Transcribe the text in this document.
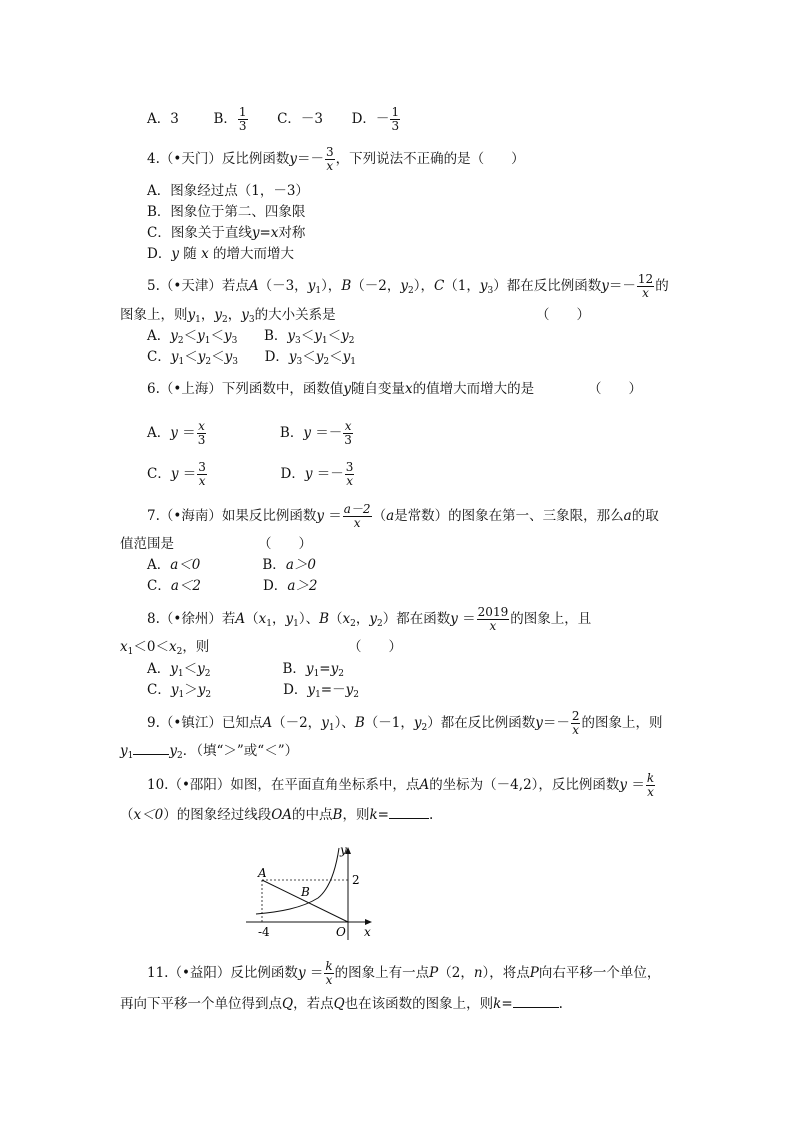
A．3	B． $\frac{1}{3}$ C．－3 D．－ $\frac{1}{3}$
4.（•天门）反比例函数$y=- \frac{3}{x}$ ，下列说法不正确的是（　　）
A．图象经过点（1，－3）
B．图象位于第二、四象限
C．图象关于直线y=x对称
D．y 随 x 的增大而增大
5.（•天津）若点A（－3，$y_1$），B（－2，$y_2$），C（1，$y_3$）都在反比例函数$y=- \frac{12}{x}$ 的
图象上，则$y_1$，$y_2$，$y_3$的大小关系是	（　　）
A．$y_2<y_1<y_3$ B．$y_3<y_1<y_2$
C．$y_1<y_2<y_3$ D．$y_3<y_2<y_1$
6.（•上海）下列函数中，函数值y随自变量x的值增大而增大的是	（　　）
A．$y = \frac{x}{3}$	B．$y =- \frac{x}{3}$
C．$y = \frac{3}{x}$	D．$y =- \frac{3}{x}$
7.（•海南）如果反比例函数$y = \frac{a-2}{x} (a$是常数）的图象在第一、三象限，那么a的取
值范围是	（　　）
A．a＜0	B．a＞0
C．a＜2	D．a＞2
8.（•徐州）若$A(x_1$，$y_1$）、$B(x_2$，$y_2$）都在函数$y = \frac{2019}{x}$ 的图象上，且
$x_1<0<x_2$，则	（　　）
A．$y_1<y_2$	B．$y_1=y_2$
C．$y_1>y_2$	D．$y_1=-y_2$
9.（•镇江）已知点A（－2，$y_1$）、B（－1，$y_2$）都在反比例函数$y=- \frac{2}{x}$ 的图象上，则
$y_1$	$y_2$．（填“＞”或“＜”）
10.（•邵阳）如图，在平面直角坐标系中，点A的坐标为（－4,2），反比例函数$y = \frac{k}{x}$
（x＜0）的图象经过线段OA的中点B，则k=	.
y
x
A
B
O
2
-4
11.（•益阳）反比例函数$y = \frac{k}{x}$ 的图象上有一点P（2，n），将点P向右平移一个单位，
再向下平移一个单位得到点Q，若点Q也在该函数的图象上，则k=	.
